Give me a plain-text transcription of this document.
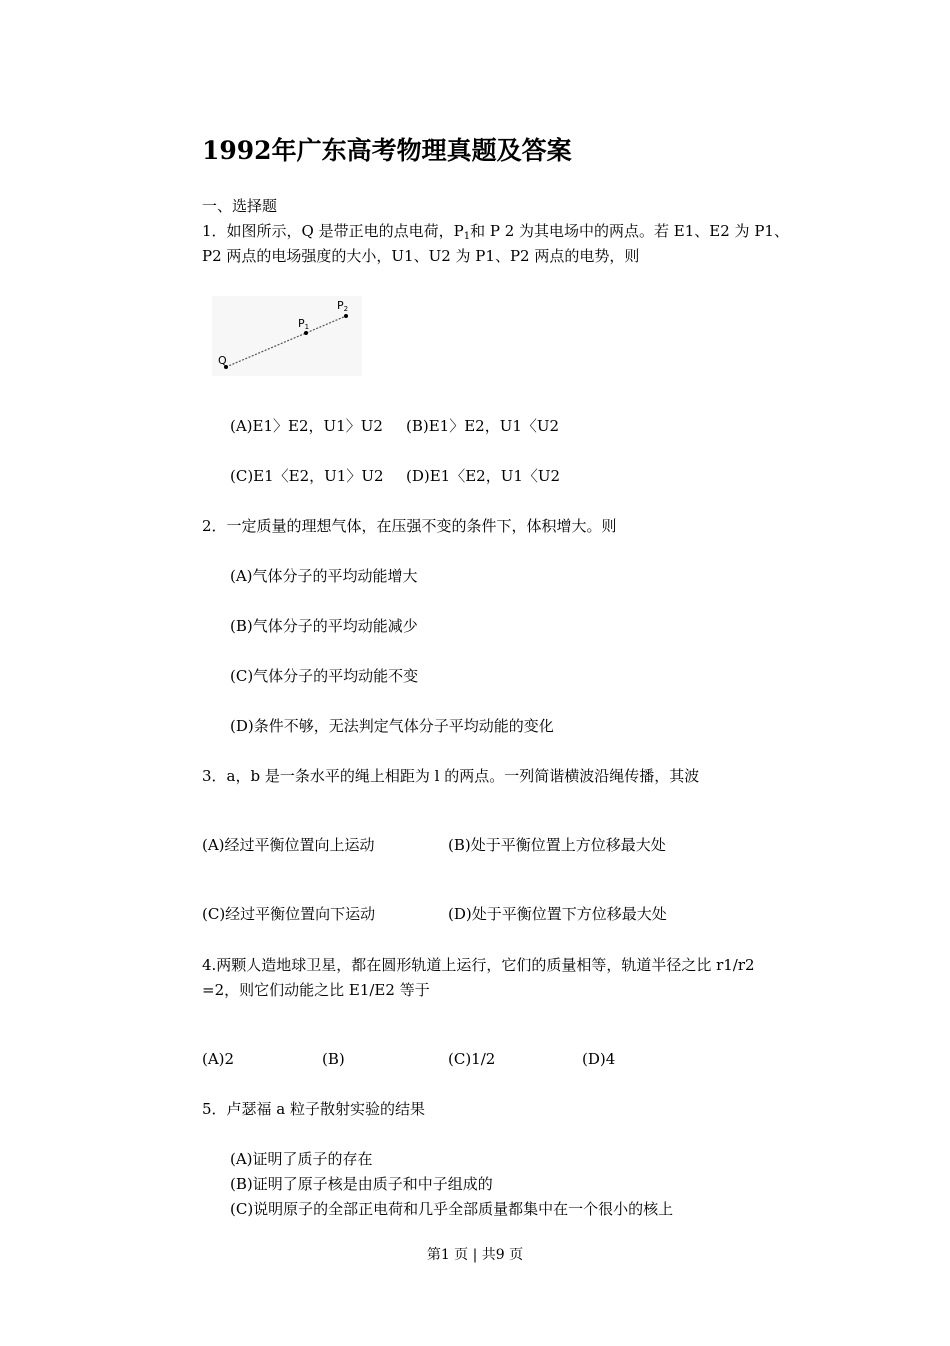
1992年广东高考物理真题及答案
一、选择题
1．如图所示，Q 是带正电的点电荷，$P_1$和 P 2 为其电场中的两点。若 E1、E2 为 P1、
P2 两点的电场强度的大小，U1、U2 为 P1、P2 两点的电势，则
Q
P1
P2
(A)E1〉E2，U1〉U2 (B)E1〉E2，U1〈U2
(C)E1〈E2，U1〉U2 (D)E1〈E2，U1〈U2
2．一定质量的理想气体，在压强不变的条件下，体积增大。则
(A)气体分子的平均动能增大
(B)气体分子的平均动能减少
(C)气体分子的平均动能不变
(D)条件不够，无法判定气体分子平均动能的变化
3．a，b 是一条水平的绳上相距为 l 的两点。一列简谐横波沿绳传播，其波
(A)经过平衡位置向上运动	(B)处于平衡位置上方位移最大处
(C)经过平衡位置向下运动	(D)处于平衡位置下方位移最大处
4.两颗人造地球卫星，都在圆形轨道上运行，它们的质量相等，轨道半径之比 r1/r2
=2，则它们动能之比 E1/E2 等于
(A)2	(B)	(C)1/2	(D)4
5．卢瑟福 a 粒子散射实验的结果
(A)证明了质子的存在
(B)证明了原子核是由质子和中子组成的
(C)说明原子的全部正电荷和几乎全部质量都集中在一个很小的核上
第1 页 | 共9 页
